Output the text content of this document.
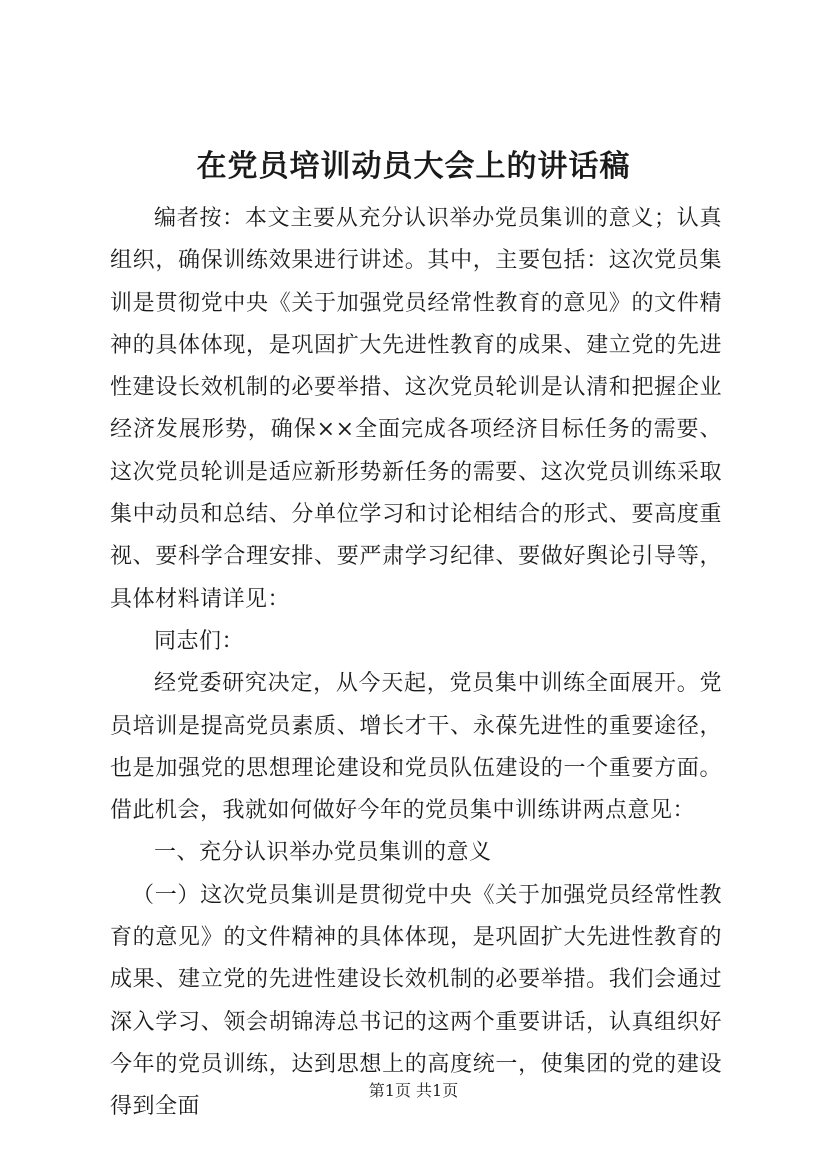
在党员培训动员大会上的讲话稿

编者按：本文主要从充分认识举办党员集训的意义；认真组织，确保训练效果进行讲述。其中，主要包括：这次党员集训是贯彻党中央《关于加强党员经常性教育的意见》的文件精神的具体体现，是巩固扩大先进性教育的成果、建立党的先进性建设长效机制的必要举措、这次党员轮训是认清和把握企业经济发展形势，确保××全面完成各项经济目标任务的需要、这次党员轮训是适应新形势新任务的需要、这次党员训练采取集中动员和总结、分单位学习和讨论相结合的形式、要高度重视、要科学合理安排、要严肃学习纪律、要做好舆论引导等，具体材料请详见：

同志们：

经党委研究决定，从今天起，党员集中训练全面展开。党员培训是提高党员素质、增长才干、永葆先进性的重要途径，也是加强党的思想理论建设和党员队伍建设的一个重要方面。借此机会，我就如何做好今年的党员集中训练讲两点意见：

一、充分认识举办党员集训的意义

（一）这次党员集训是贯彻党中央《关于加强党员经常性教育的意见》的文件精神的具体体现，是巩固扩大先进性教育的成果、建立党的先进性建设长效机制的必要举措。我们会通过深入学习、领会胡锦涛总书记的这两个重要讲话，认真组织好今年的党员训练，达到思想上的高度统一，使集团的党的建设得到全面

第1页 共1页
